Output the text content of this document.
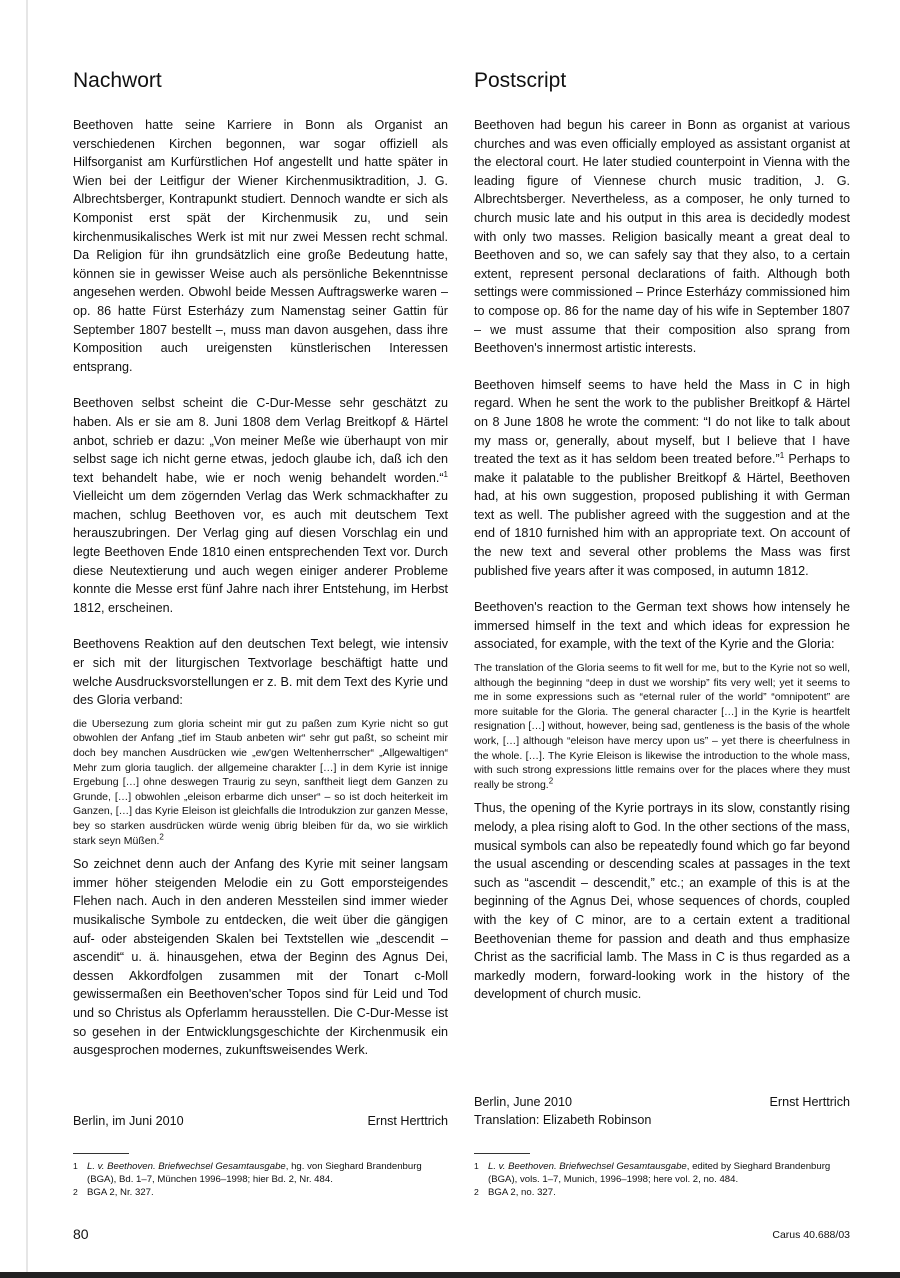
Nachwort

Beethoven hatte seine Karriere in Bonn als Organist an verschiedenen Kirchen begonnen, war sogar offiziell als Hilfsorganist am Kurfürstlichen Hof angestellt und hatte später in Wien bei der Leitfigur der Wiener Kirchenmusiktradition, J. G. Albrechtsberger, Kontrapunkt studiert. Dennoch wandte er sich als Komponist erst spät der Kirchenmusik zu, und sein kirchenmusikalisches Werk ist mit nur zwei Messen recht schmal. Da Religion für ihn grundsätzlich eine große Bedeutung hatte, können sie in gewisser Weise auch als persönliche Bekenntnisse angesehen werden. Obwohl beide Messen Auftragswerke waren – op. 86 hatte Fürst Esterházy zum Namenstag seiner Gattin für September 1807 bestellt –, muss man davon ausgehen, dass ihre Komposition auch ureigensten künstlerischen Interessen entsprang.

Beethoven selbst scheint die C-Dur-Messe sehr geschätzt zu haben. Als er sie am 8. Juni 1808 dem Verlag Breitkopf & Härtel anbot, schrieb er dazu: „Von meiner Meße wie überhaupt von mir selbst sage ich nicht gerne etwas, jedoch glaube ich, daß ich den text behandelt habe, wie er noch wenig behandelt worden.“$^1$ Vielleicht um dem zögernden Verlag das Werk schmackhafter zu machen, schlug Beethoven vor, es auch mit deutschem Text herauszubringen. Der Verlag ging auf diesen Vorschlag ein und legte Beethoven Ende 1810 einen entsprechenden Text vor. Durch diese Neutextierung und auch wegen einiger anderer Probleme konnte die Messe erst fünf Jahre nach ihrer Entstehung, im Herbst 1812, erscheinen.

Beethovens Reaktion auf den deutschen Text belegt, wie intensiv er sich mit der liturgischen Textvorlage beschäftigt hatte und welche Ausdrucksvorstellungen er z. B. mit dem Text des Kyrie und des Gloria verband:

die Ubersezung zum gloria scheint mir gut zu paßen zum Kyrie nicht so gut obwohlen der Anfang „tief im Staub anbeten wir“ sehr gut paßt, so scheint mir doch bey manchen Ausdrücken wie „ew'gen Weltenherrscher“ „Allgewaltigen“ Mehr zum gloria tauglich. der allgemeine charakter […] in dem Kyrie ist innige Ergebung […] ohne deswegen Traurig zu seyn, sanftheit liegt dem Ganzen zu Grunde, […] obwohlen „eleison erbarme dich unser“ – so ist doch heiterkeit im Ganzen, […] das Kyrie Eleison ist gleichfalls die Introdukzion zur ganzen Messe, bey so starken ausdrücken würde wenig übrig bleiben für da, wo sie wirklich stark seyn Müßen.$^2$

So zeichnet denn auch der Anfang des Kyrie mit seiner langsam immer höher steigenden Melodie ein zu Gott emporsteigendes Flehen nach. Auch in den anderen Messteilen sind immer wieder musikalische Symbole zu entdecken, die weit über die gängigen auf- oder absteigenden Skalen bei Textstellen wie „descendit – ascendit“ u. ä. hinausgehen, etwa der Beginn des Agnus Dei, dessen Akkordfolgen zusammen mit der Tonart c-Moll gewissermaßen ein Beethoven'scher Topos sind für Leid und Tod und so Christus als Opferlamm herausstellen. Die C-Dur-Messe ist so gesehen in der Entwicklungsgeschichte der Kirchenmusik ein ausgesprochen modernes, zukunftsweisendes Werk.

Postscript

Beethoven had begun his career in Bonn as organist at various churches and was even officially employed as assistant organist at the electoral court. He later studied counterpoint in Vienna with the leading figure of Viennese church music tradition, J. G. Albrechtsberger. Nevertheless, as a composer, he only turned to church music late and his output in this area is decidedly modest with only two masses. Religion basically meant a great deal to Beethoven and so, we can safely say that they also, to a certain extent, represent personal declarations of faith. Although both settings were commissioned – Prince Esterházy commissioned him to compose op. 86 for the name day of his wife in September 1807 – we must assume that their composition also sprang from Beethoven's innermost artistic interests.

Beethoven himself seems to have held the Mass in C in high regard. When he sent the work to the publisher Breitkopf & Härtel on 8 June 1808 he wrote the comment: “I do not like to talk about my mass or, generally, about myself, but I believe that I have treated the text as it has seldom been treated before.”$^1$ Perhaps to make it palatable to the publisher Breitkopf & Härtel, Beethoven had, at his own suggestion, proposed publishing it with German text as well. The publisher agreed with the suggestion and at the end of 1810 furnished him with an appropriate text. On account of the new text and several other problems the Mass was first published five years after it was composed, in autumn 1812.

Beethoven's reaction to the German text shows how intensely he immersed himself in the text and which ideas for expression he associated, for example, with the text of the Kyrie and the Gloria:

The translation of the Gloria seems to fit well for me, but to the Kyrie not so well, although the beginning “deep in dust we worship” fits very well; yet it seems to me in some expressions such as “eternal ruler of the world” “omnipotent” are more suitable for the Gloria. The general character […] in the Kyrie is heartfelt resignation […] without, however, being sad, gentleness is the basis of the whole work, […] although “eleison have mercy upon us” – yet there is cheerfulness in the whole. […]. The Kyrie Eleison is likewise the introduction to the whole mass, with such strong expressions little remains over for the places where they must really be strong.$^2$

Thus, the opening of the Kyrie portrays in its slow, constantly rising melody, a plea rising aloft to God. In the other sections of the mass, musical symbols can also be repeatedly found which go far beyond the usual ascending or descending scales at passages in the text such as “ascendit – descendit,” etc.; an example of this is at the beginning of the Agnus Dei, whose sequences of chords, coupled with the key of C minor, are to a certain extent a traditional Beethovenian theme for passion and death and thus emphasize Christ as the sacrificial lamb. The Mass in C is thus regarded as a markedly modern, forward-looking work in the history of the development of church music.

Berlin, im Juni 2010	Ernst Herttrich
Berlin, June 2010	Ernst Herttrich
Translation: Elizabeth Robinson
1 L. v. Beethoven. Briefwechsel Gesamtausgabe, hg. von Sieghard Brandenburg (BGA), Bd. 1–7, München 1996–1998; hier Bd. 2, Nr. 484.
2 BGA 2, Nr. 327.
1 L. v. Beethoven. Briefwechsel Gesamtausgabe, edited by Sieghard Brandenburg (BGA), vols. 1–7, Munich, 1996–1998; here vol. 2, no. 484.
2 BGA 2, no. 327.
80	Carus 40.688/03
